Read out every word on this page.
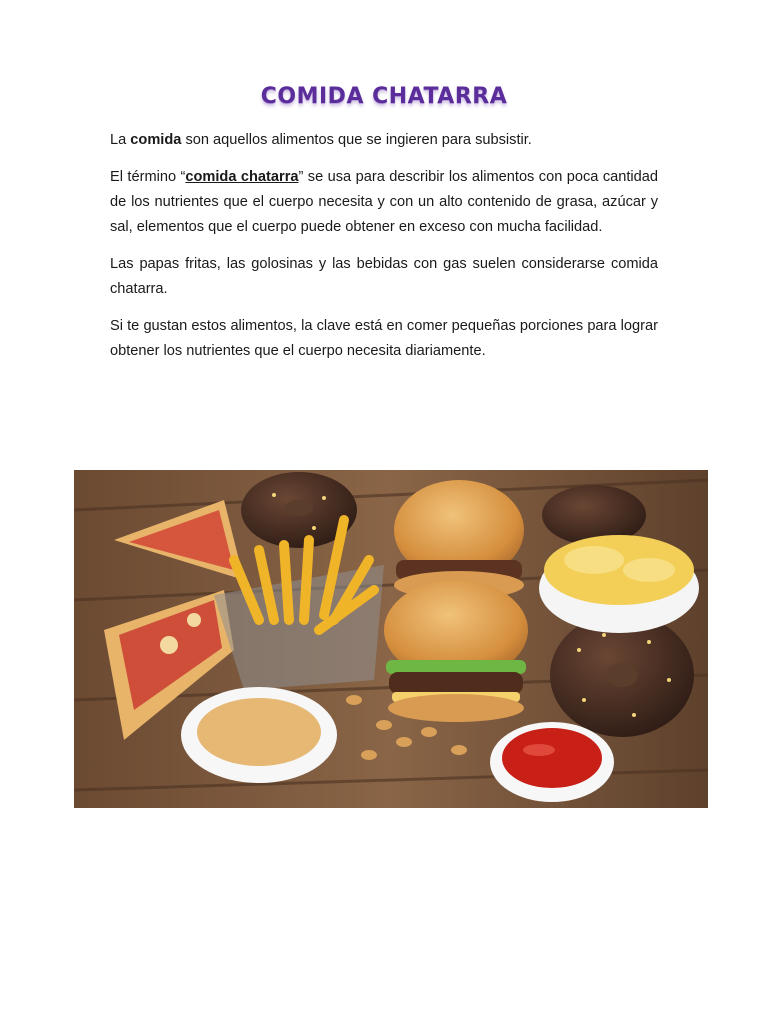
COMIDA CHATARRA

La comida son aquellos alimentos que se ingieren para subsistir.

El término “comida chatarra” se usa para describir los alimentos con poca cantidad de los nutrientes que el cuerpo necesita y con un alto contenido de grasa, azúcar y sal, elementos que el cuerpo puede obtener en exceso con mucha facilidad.

Las papas fritas, las golosinas y las bebidas con gas suelen considerarse comida chatarra.

Si te gustan estos alimentos, la clave está en comer pequeñas porciones para lograr obtener los nutrientes que el cuerpo necesita diariamente.
